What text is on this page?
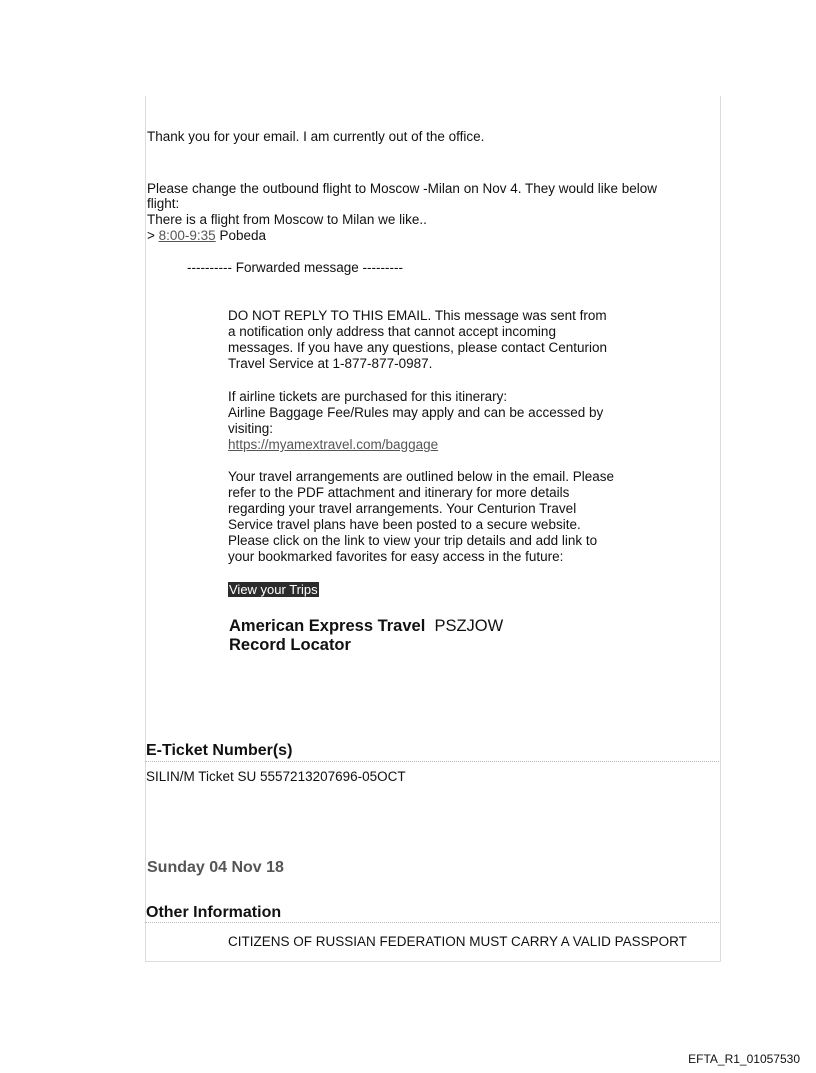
Thank you for your email. I am currently out of the office.
Please change the outbound flight to Moscow -Milan on Nov 4. They would like below
flight:
There is a flight from Moscow to Milan we like..
> 8:00-9:35 Pobeda
---------- Forwarded message ---------
DO NOT REPLY TO THIS EMAIL. This message was sent from
a notification only address that cannot accept incoming
messages. If you have any questions, please contact Centurion
Travel Service at 1-877-877-0987.
If airline tickets are purchased for this itinerary:
Airline Baggage Fee/Rules may apply and can be accessed by
visiting:
https://myamextravel.com/baggage
Your travel arrangements are outlined below in the email. Please
refer to the PDF attachment and itinerary for more details
regarding your travel arrangements. Your Centurion Travel
Service travel plans have been posted to a secure website.
Please click on the link to view your trip details and add link to
your bookmarked favorites for easy access in the future:
View your Trips
American Express Travel PSZJOW
Record Locator
E-Ticket Number(s)
SILIN/M Ticket SU 5557213207696-05OCT
Sunday 04 Nov 18
Other Information
CITIZENS OF RUSSIAN FEDERATION MUST CARRY A VALID PASSPORT
EFTA_R1_01057530
